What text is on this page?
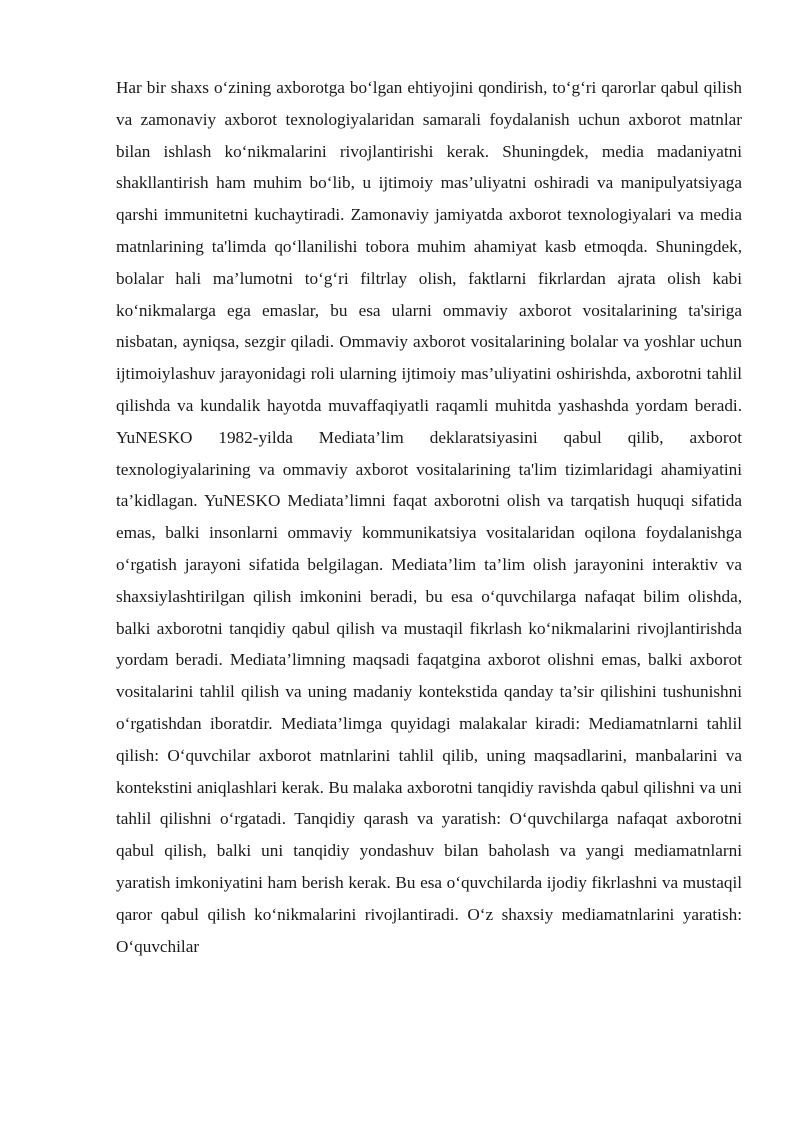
Har bir shaxs o‘zining axborotga bo‘lgan ehtiyojini qondirish, to‘g‘ri qarorlar qabul qilish va zamonaviy axborot texnologiyalaridan samarali foydalanish uchun axborot matnlar bilan ishlash ko‘nikmalarini rivojlantirishi kerak. Shuningdek, media madaniyatni shakllantirish ham muhim bo‘lib, u ijtimoiy mas’uliyatni oshiradi va manipulyatsiyaga qarshi immunitetni kuchaytiradi. Zamonaviy jamiyatda axborot texnologiyalari va media matnlarining ta'limda qo‘llanilishi tobora muhim ahamiyat kasb etmoqda. Shuningdek, bolalar hali ma’lumotni to‘g‘ri filtrlay olish, faktlarni fikrlardan ajrata olish kabi ko‘nikmalarga ega emaslar, bu esa ularni ommaviy axborot vositalarining ta'siriga nisbatan, ayniqsa, sezgir qiladi. Ommaviy axborot vositalarining bolalar va yoshlar uchun ijtimoiylashuv jarayonidagi roli ularning ijtimoiy mas’uliyatini oshirishda, axborotni tahlil qilishda va kundalik hayotda muvaffaqiyatli raqamli muhitda yashashda yordam beradi. YuNESKO 1982-yilda Mediata’lim deklaratsiyasini qabul qilib, axborot texnologiyalarining va ommaviy axborot vositalarining ta'lim tizimlaridagi ahamiyatini ta’kidlagan. YuNESKO Mediata’limni faqat axborotni olish va tarqatish huquqi sifatida emas, balki insonlarni ommaviy kommunikatsiya vositalaridan oqilona foydalanishga o‘rgatish jarayoni sifatida belgilagan. Mediata’lim ta’lim olish jarayonini interaktiv va shaxsiylashtirilgan qilish imkonini beradi, bu esa o‘quvchilarga nafaqat bilim olishda, balki axborotni tanqidiy qabul qilish va mustaqil fikrlash ko‘nikmalarini rivojlantirishda yordam beradi. Mediata’limning maqsadi faqatgina axborot olishni emas, balki axborot vositalarini tahlil qilish va uning madaniy kontekstida qanday ta’sir qilishini tushunishni o‘rgatishdan iboratdir. Mediata’limga quyidagi malakalar kiradi: Mediamatnlarni tahlil qilish: O‘quvchilar axborot matnlarini tahlil qilib, uning maqsadlarini, manbalarini va kontekstini aniqlashlari kerak. Bu malaka axborotni tanqidiy ravishda qabul qilishni va uni tahlil qilishni o‘rgatadi. Tanqidiy qarash va yaratish: O‘quvchilarga nafaqat axborotni qabul qilish, balki uni tanqidiy yondashuv bilan baholash va yangi mediamatnlarni yaratish imkoniyatini ham berish kerak. Bu esa o‘quvchilarda ijodiy fikrlashni va mustaqil qaror qabul qilish ko‘nikmalarini rivojlantiradi. O‘z shaxsiy mediamatnlarini yaratish: O‘quvchilar
